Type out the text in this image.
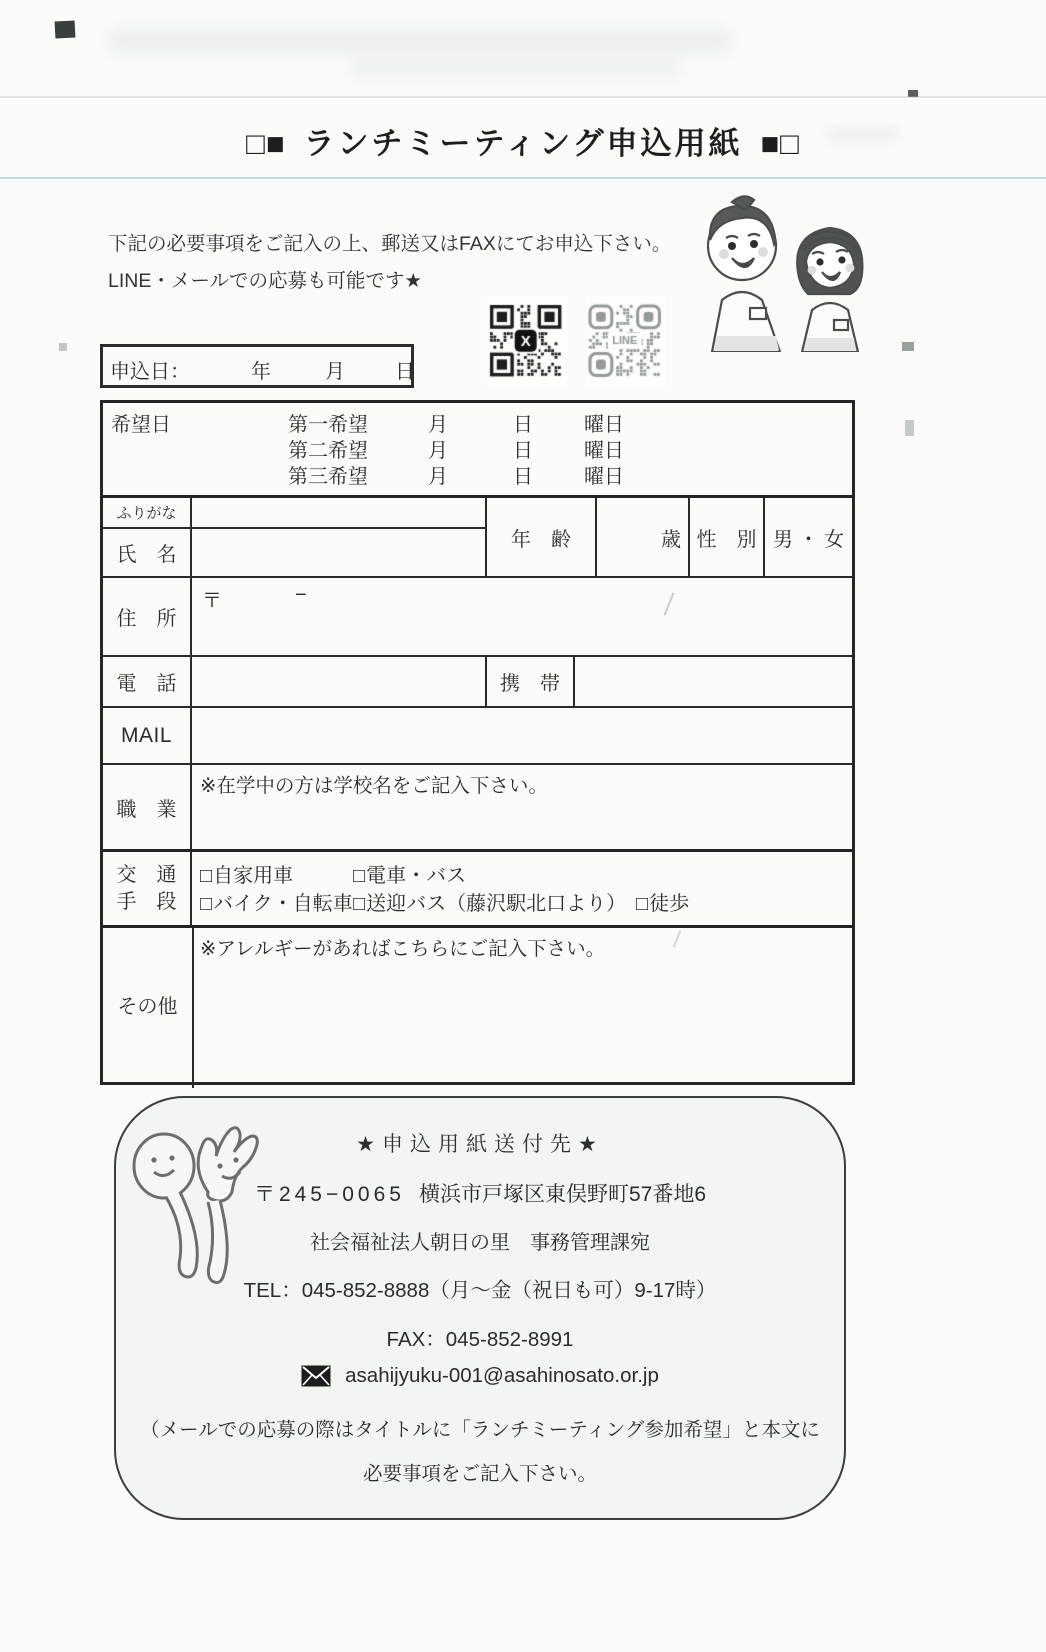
□■ ランチミーティング申込用紙 ■□
下記の必要事項をご記入の上、郵送又はFAXにてお申込下さい。
LINE・メールでの応募も可能です★
申込日：	年	月	日
希望日	第一希望	月	日	曜日
第二希望	月	日	曜日
第三希望	月	日	曜日
ふりがな
氏　名
年　齢	歳 性　別 男 ・ 女
住　所
〒	−
電　話	携　帯
MAIL
職　業
※在学中の方は学校名をご記入下さい。
交　通
手　段
□自家用車	□電車・バス
□バイク・自転車 □送迎バス（藤沢駅北口より） □徒歩
その他
※アレルギーがあればこちらにご記入下さい。
★申込用紙送付先★
〒245−0065 横浜市戸塚区東俣野町57番地6
社会福祉法人朝日の里　事務管理課宛
TEL：045-852-8888（月～金（祝日も可）9-17時）
FAX：045-852-8991
asahijyuku-001@asahinosato.or.jp
（メールでの応募の際はタイトルに「ランチミーティング参加希望」と本文に
必要事項をご記入下さい。
